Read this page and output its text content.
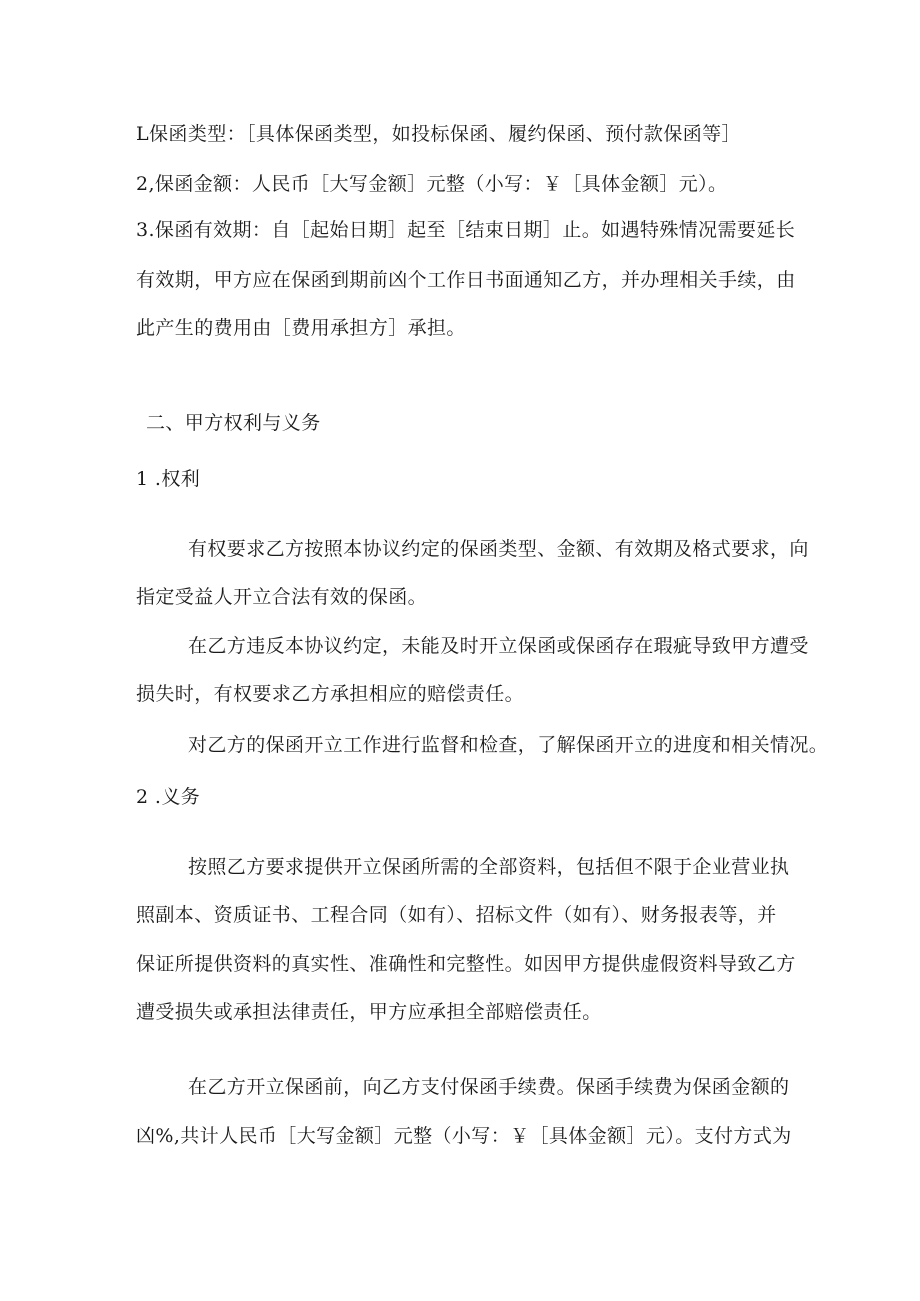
L保函类型：［具体保函类型，如投标保函、履约保函、预付款保函等］
2,保函金额：人民币［大写金额］元整（小写：￥［具体金额］元）。
3.保函有效期：自［起始日期］起至［结束日期］止。如遇特殊情况需要延长
有效期，甲方应在保函到期前凶个工作日书面通知乙方，并办理相关手续，由
此产生的费用由［费用承担方］承担。
二、甲方权利与义务
1 .权利
有权要求乙方按照本协议约定的保函类型、金额、有效期及格式要求，向
指定受益人开立合法有效的保函。
在乙方违反本协议约定，未能及时开立保函或保函存在瑕疵导致甲方遭受
损失时，有权要求乙方承担相应的赔偿责任。
对乙方的保函开立工作进行监督和检查，了解保函开立的进度和相关情况。
2 .义务
按照乙方要求提供开立保函所需的全部资料，包括但不限于企业营业执
照副本、资质证书、工程合同（如有）、招标文件（如有）、财务报表等，并
保证所提供资料的真实性、准确性和完整性。如因甲方提供虚假资料导致乙方
遭受损失或承担法律责任，甲方应承担全部赔偿责任。
在乙方开立保函前，向乙方支付保函手续费。保函手续费为保函金额的
凶%,共计人民币［大写金额］元整（小写：￥［具体金额］元）。支付方式为
